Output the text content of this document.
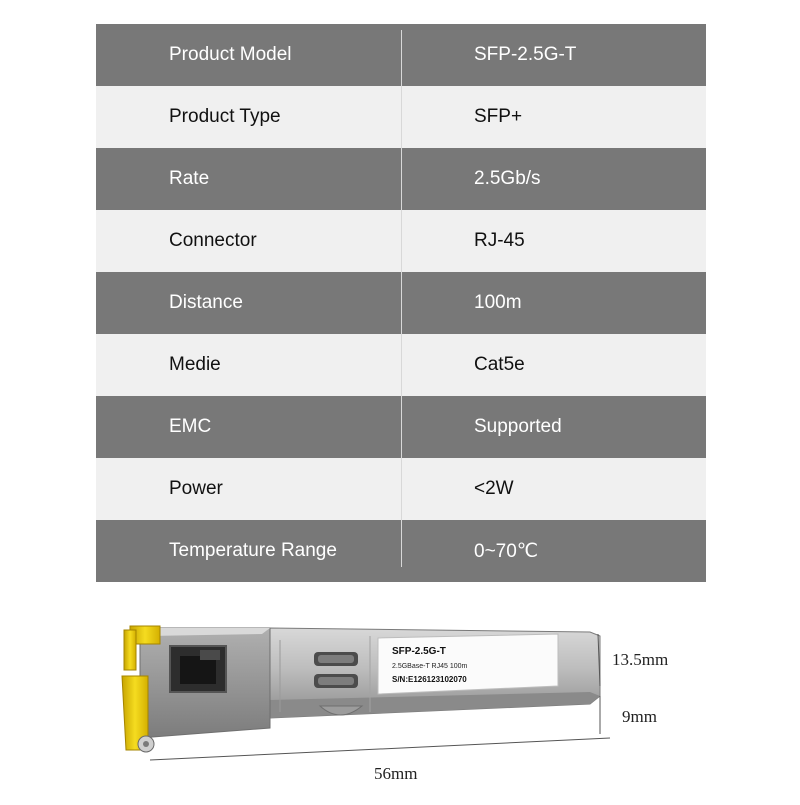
Product Model	SFP-2.5G-T
Product Type	SFP+
Rate	2.5Gb/s
Connector	RJ-45
Distance	100m
Medie	Cat5e
EMC	Supported
Power	<2W
Temperature Range	0~70℃
SFP-2.5G-T
2.5GBase-T RJ45 100m
S/N:E126123102070
13.5mm
9mm
56mm
